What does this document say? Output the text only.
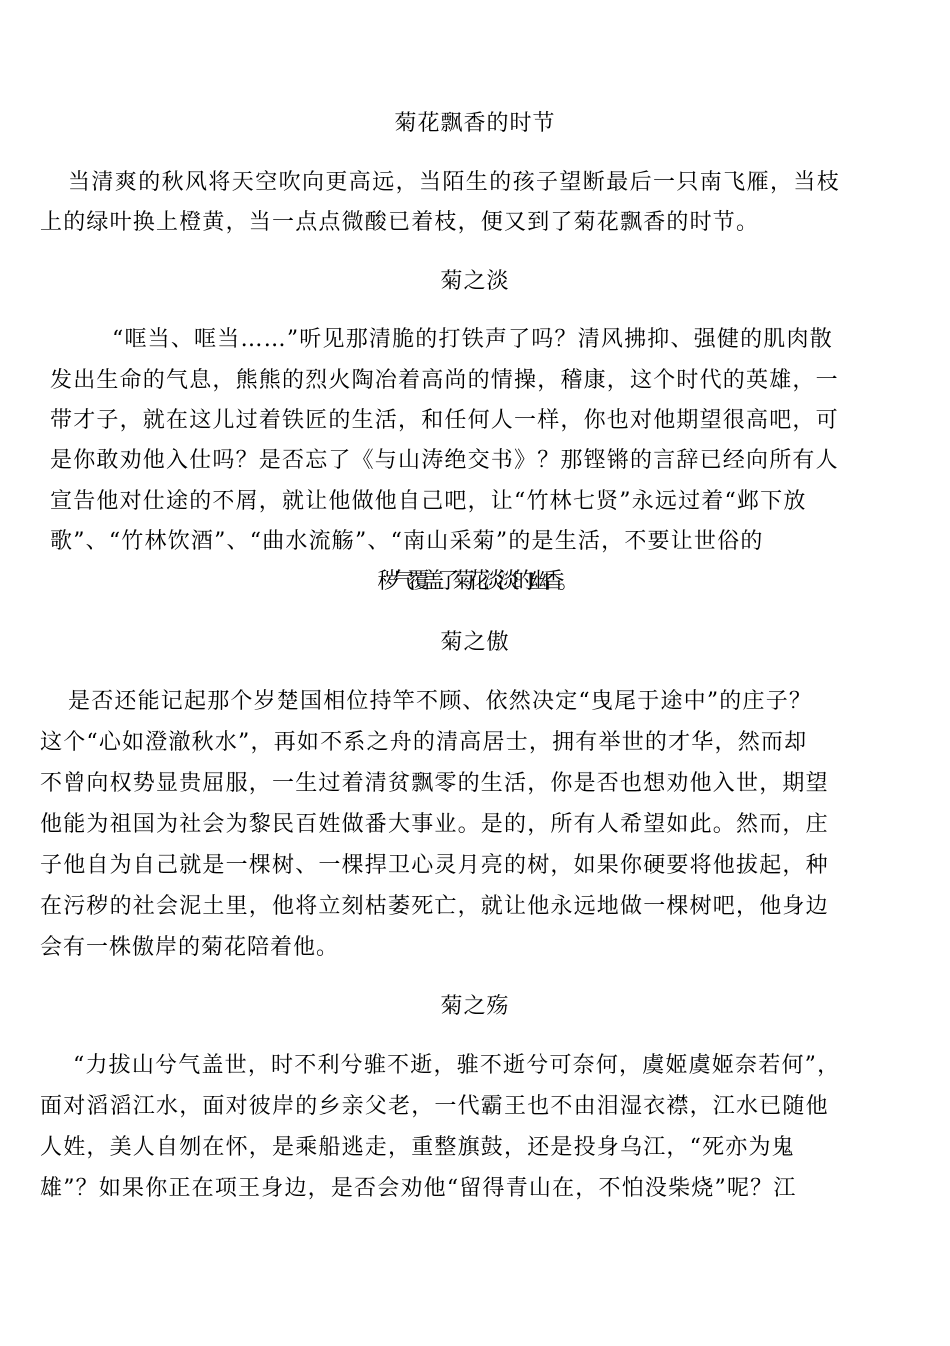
菊花飘香的时节
当清爽的秋风将天空吹向更高远，当陌生的孩子望断最后一只南飞雁，当枝
上的绿叶换上橙黄，当一点点微酸已着枝，便又到了菊花飘香的时节。
菊之淡
“哐当、哐当……”听见那清脆的打铁声了吗？清风拂抑、强健的肌肉散
发出生命的气息，熊熊的烈火陶冶着高尚的情操，稽康，这个时代的英雄，一
带才子，就在这儿过着铁匠的生活，和任何人一样，你也对他期望很高吧，可
是你敢劝他入仕吗？是否忘了《与山涛绝交书》？那铿锵的言辞已经向所有人
宣告他对仕途的不屑，就让他做他自己吧，让“竹林七贤”永远过着“邺下放
歌”、“竹林饮酒”、“曲水流觞”、“南山采菊”的是生活，不要让世俗的
秽气覆盖了菊花淡淡的幽香。
菊之傲
是否还能记起那个岁楚国相位持竿不顾、依然决定“曳尾于途中”的庄子？
这个“心如澄澈秋水”，再如不系之舟的清高居士，拥有举世的才华，然而却
不曾向权势显贵屈服，一生过着清贫飘零的生活，你是否也想劝他入世，期望
他能为祖国为社会为黎民百姓做番大事业。是的，所有人希望如此。然而，庄
子他自为自己就是一棵树、一棵捍卫心灵月亮的树，如果你硬要将他拔起，种
在污秽的社会泥土里，他将立刻枯萎死亡，就让他永远地做一棵树吧，他身边
会有一株傲岸的菊花陪着他。
菊之殇
“力拔山兮气盖世，时不利兮骓不逝，骓不逝兮可奈何，虞姬虞姬奈若何”，
面对滔滔江水，面对彼岸的乡亲父老，一代霸王也不由泪湿衣襟，江水已随他
人姓，美人自刎在怀，是乘船逃走，重整旗鼓，还是投身乌江，“死亦为鬼
雄”？如果你正在项王身边，是否会劝他“留得青山在，不怕没柴烧”呢？江
